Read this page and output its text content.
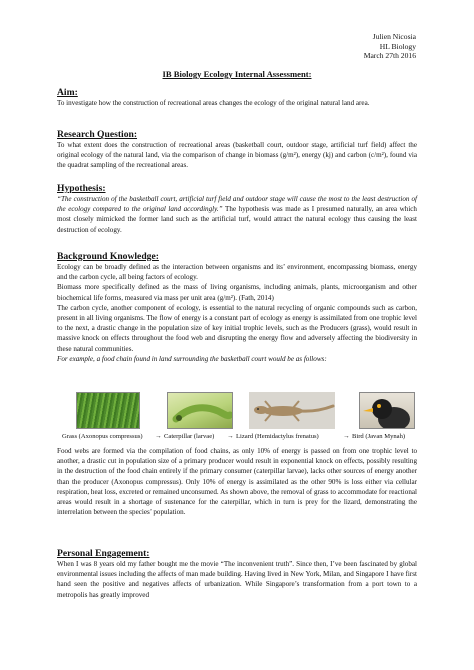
Julien Nicosia
HL Biology
March 27th 2016
IB Biology Ecology Internal Assessment:
Aim:

To investigate how the construction of recreational areas changes the ecology of the original natural land area.

Research Question:

To what extent does the construction of recreational areas (basketball court, outdoor stage, artificial turf field) affect the original ecology of the natural land, via the comparison of change in biomass (g/m²), energy (kj) and carbon (c/m²), found via the quadrat sampling of the recreational areas.

Hypothesis:

“The construction of the basketball court, artificial turf field and outdoor stage will cause the most to the least destruction of the ecology compared to the original land accordingly.” The hypothesis was made as I presumed naturally, an area which most closely mimicked the former land such as the artificial turf, would attract the natural ecology thus causing the least destruction of ecology.

Background Knowledge:

Ecology can be broadly defined as the interaction between organisms and its’ environment, encompassing biomass, energy and the carbon cycle, all being factors of ecology.

Biomass more specifically defined as the mass of living organisms, including animals, plants, microorganism and other biochemical life forms, measured via mass per unit area (g/m²). (Fath, 2014)

The carbon cycle, another component of ecology, is essential to the natural recycling of organic compounds such as carbon, present in all living organisms. The flow of energy is a constant part of ecology as energy is assimilated from one trophic level to the next, a drastic change in the population size of key initial trophic levels, such as the Producers (grass), would result in massive knock on effects throughout the food web and disrupting the energy flow and adversely affecting the biodiversity in these natural communities.

For example, a food chain found in land surrounding the basketball court would be as follows:

Grass (Axonopus compressus) → Caterpillar (larvae) → Lizard (Hemidactylus frenatus)	→ Bird (Javan Mynah)

Food webs are formed via the compilation of food chains, as only 10% of energy is passed on from one trophic level to another, a drastic cut in population size of a primary producer would result in exponential knock on effects, possibly resulting in the destruction of the food chain entirely if the primary consumer (caterpillar larvae), lacks other sources of energy another than the producer (Axonopus compressus). Only 10% of energy is assimilated as the other 90% is loss either via cellular respiration, heat loss, excreted or remained unconsumed. As shown above, the removal of grass to accommodate for reactional areas would result in a shortage of sustenance for the caterpillar, which in turn is prey for the lizard, demonstrating the interrelation between the species’ population.

Personal Engagement:

When I was 8 years old my father bought me the movie “The inconvenient truth”. Since then, I’ve been fascinated by global environmental issues including the affects of man made building. Having lived in New York, Milan, and Singapore I have first hand seen the positive and negatives affects of urbanization. While Singapore’s transformation from a port town to a metropolis has greatly improved
